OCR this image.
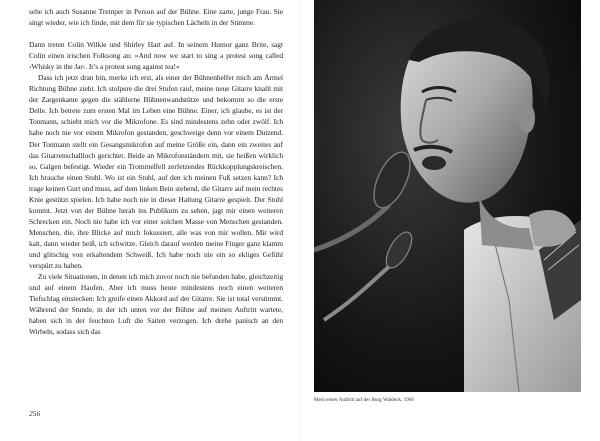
sehe ich auch Susanne Tremper in Person auf der Bühne. Eine zarte, junge Frau. Sie singt wieder, wie ich finde, mit dem für sie typischen Lächeln in der Stimme.

Dann treten Colin Wilkie und Shirley Hart auf. In seinem Humor ganz Brite, sagt Colin einen irischen Folksong an: »And now we start to sing a protest song called ›Whisky in the Jar‹. It’s a protest song against tea!«

Dass ich jetzt dran bin, merke ich erst, als einer der Bühnenhelfer mich am Ärmel Richtung Bühne zieht. Ich stolpere die drei Stufen rauf, meine neue Gitarre knallt mit der Zargenkante gegen die stählerne Bühnenwandstütze und bekommt so die erste Delle. Ich betrete zum ersten Mal im Leben eine Bühne. Einer, ich glaube, es ist der Tonmann, schiebt mich vor die Mikrofone. Es sind mindestens zehn oder zwölf. Ich habe noch nie vor einem Mikrofon gestanden, geschweige denn vor einem Dutzend. Der Tonmann stellt ein Gesangsmikrofon auf meine Größe ein, dann ein zweites auf das Gitarrenschallloch gerichtet. Beide an Mikrofonständern mit, sie heißen wirklich so, Galgen befestigt. Wieder ein Trommelfell zerfetzendes Rückkopplungskreischen. Ich brauche einen Stuhl. Wo ist ein Stuhl, auf den ich meinen Fuß setzen kann? Ich trage keinen Gurt und muss, auf dem linken Bein stehend, die Gitarre auf mein rechtes Knie gestützt spielen. Ich habe noch nie in dieser Haltung Gitarre gespielt. Der Stuhl kommt. Jetzt von der Bühne herab ins Publikum zu sehen, jagt mir einen weiteren Schrecken ein. Noch nie habe ich vor einer solchen Masse von Menschen gestanden. Menschen, die, ihre Blicke auf mich fokussiert, alle was von mir wollen. Mir wird kalt, dann wieder heiß, ich schwitze. Gleich darauf werden meine Finger ganz klamm und glitschig von erkaltendem Schweiß. Ich habe noch nie ein so ekliges Gefühl verspürt zu haben.

Zu viele Situationen, in denen ich mich zuvor noch nie befunden habe, gleichzeitig und auf einem Haufen. Aber ich muss heute mindestens noch einen weiteren Tiefschlag einstecken: Ich greife einen Akkord auf der Gitarre. Sie ist total verstimmt. Während der Stunde, in der ich unten vor der Bühne auf meinen Auftritt wartete, haben sich in der feuchten Luft die Saiten verzogen. Ich drehe panisch an den Wirbeln, sodass sich das

256
Mein erster Auftritt auf der Burg Waldeck, 1966
